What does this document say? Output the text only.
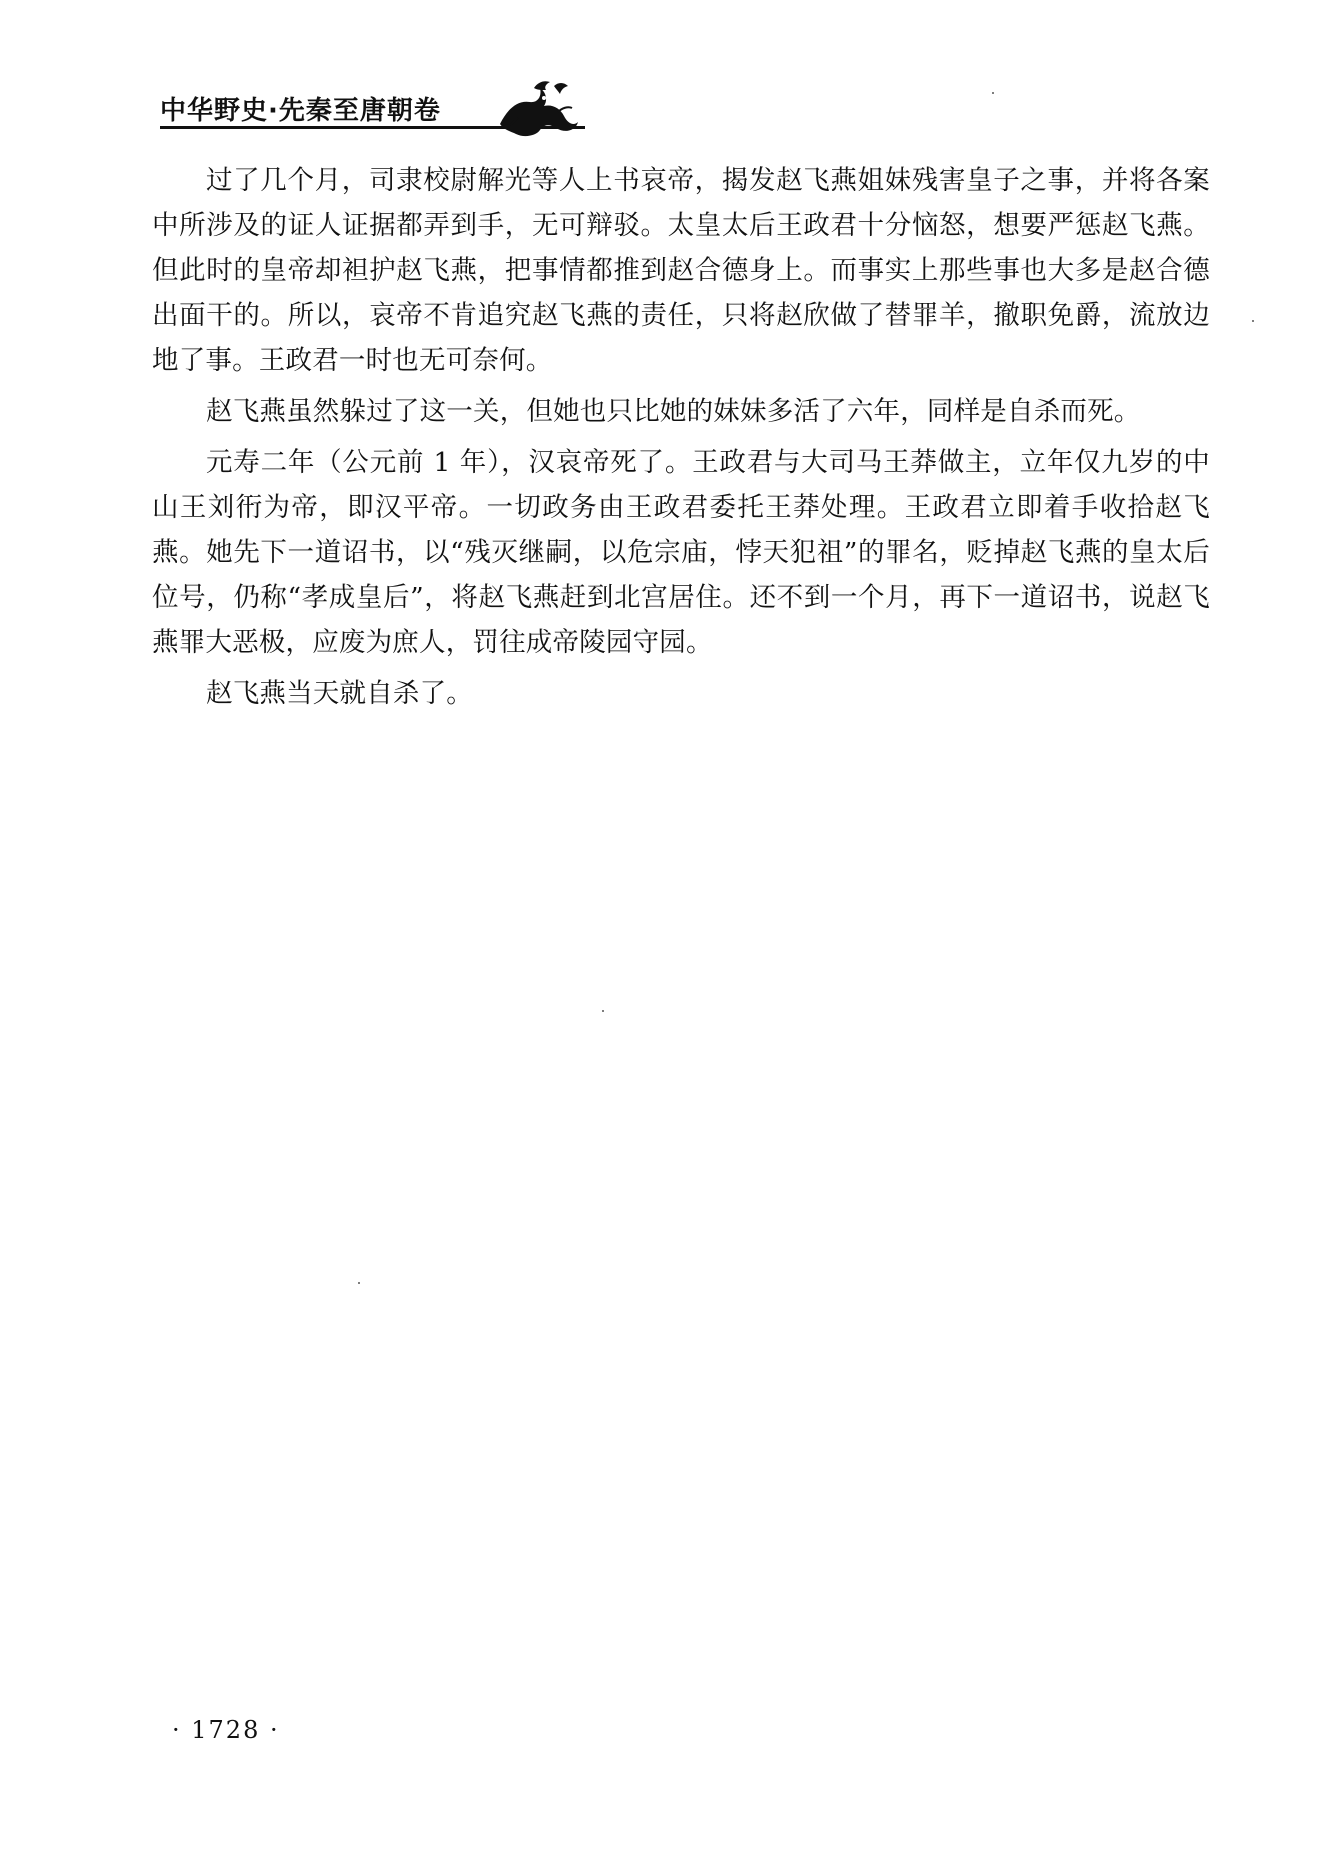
中华野史·先秦至唐朝卷

过了几个月，司隶校尉解光等人上书哀帝，揭发赵飞燕姐妹残害皇子之事，并将各案中所涉及的证人证据都弄到手，无可辩驳。太皇太后王政君十分恼怒，想要严惩赵飞燕。但此时的皇帝却袒护赵飞燕，把事情都推到赵合德身上。而事实上那些事也大多是赵合德出面干的。所以，哀帝不肯追究赵飞燕的责任，只将赵欣做了替罪羊，撤职免爵，流放边地了事。王政君一时也无可奈何。

赵飞燕虽然躲过了这一关，但她也只比她的妹妹多活了六年，同样是自杀而死。

元寿二年（公元前 1 年），汉哀帝死了。王政君与大司马王莽做主，立年仅九岁的中山王刘衎为帝，即汉平帝。一切政务由王政君委托王莽处理。王政君立即着手收拾赵飞燕。她先下一道诏书，以“残灭继嗣，以危宗庙，悖天犯祖”的罪名，贬掉赵飞燕的皇太后位号，仍称“孝成皇后”，将赵飞燕赶到北宫居住。还不到一个月，再下一道诏书，说赵飞燕罪大恶极，应废为庶人，罚往成帝陵园守园。

赵飞燕当天就自杀了。

· 1728 ·
